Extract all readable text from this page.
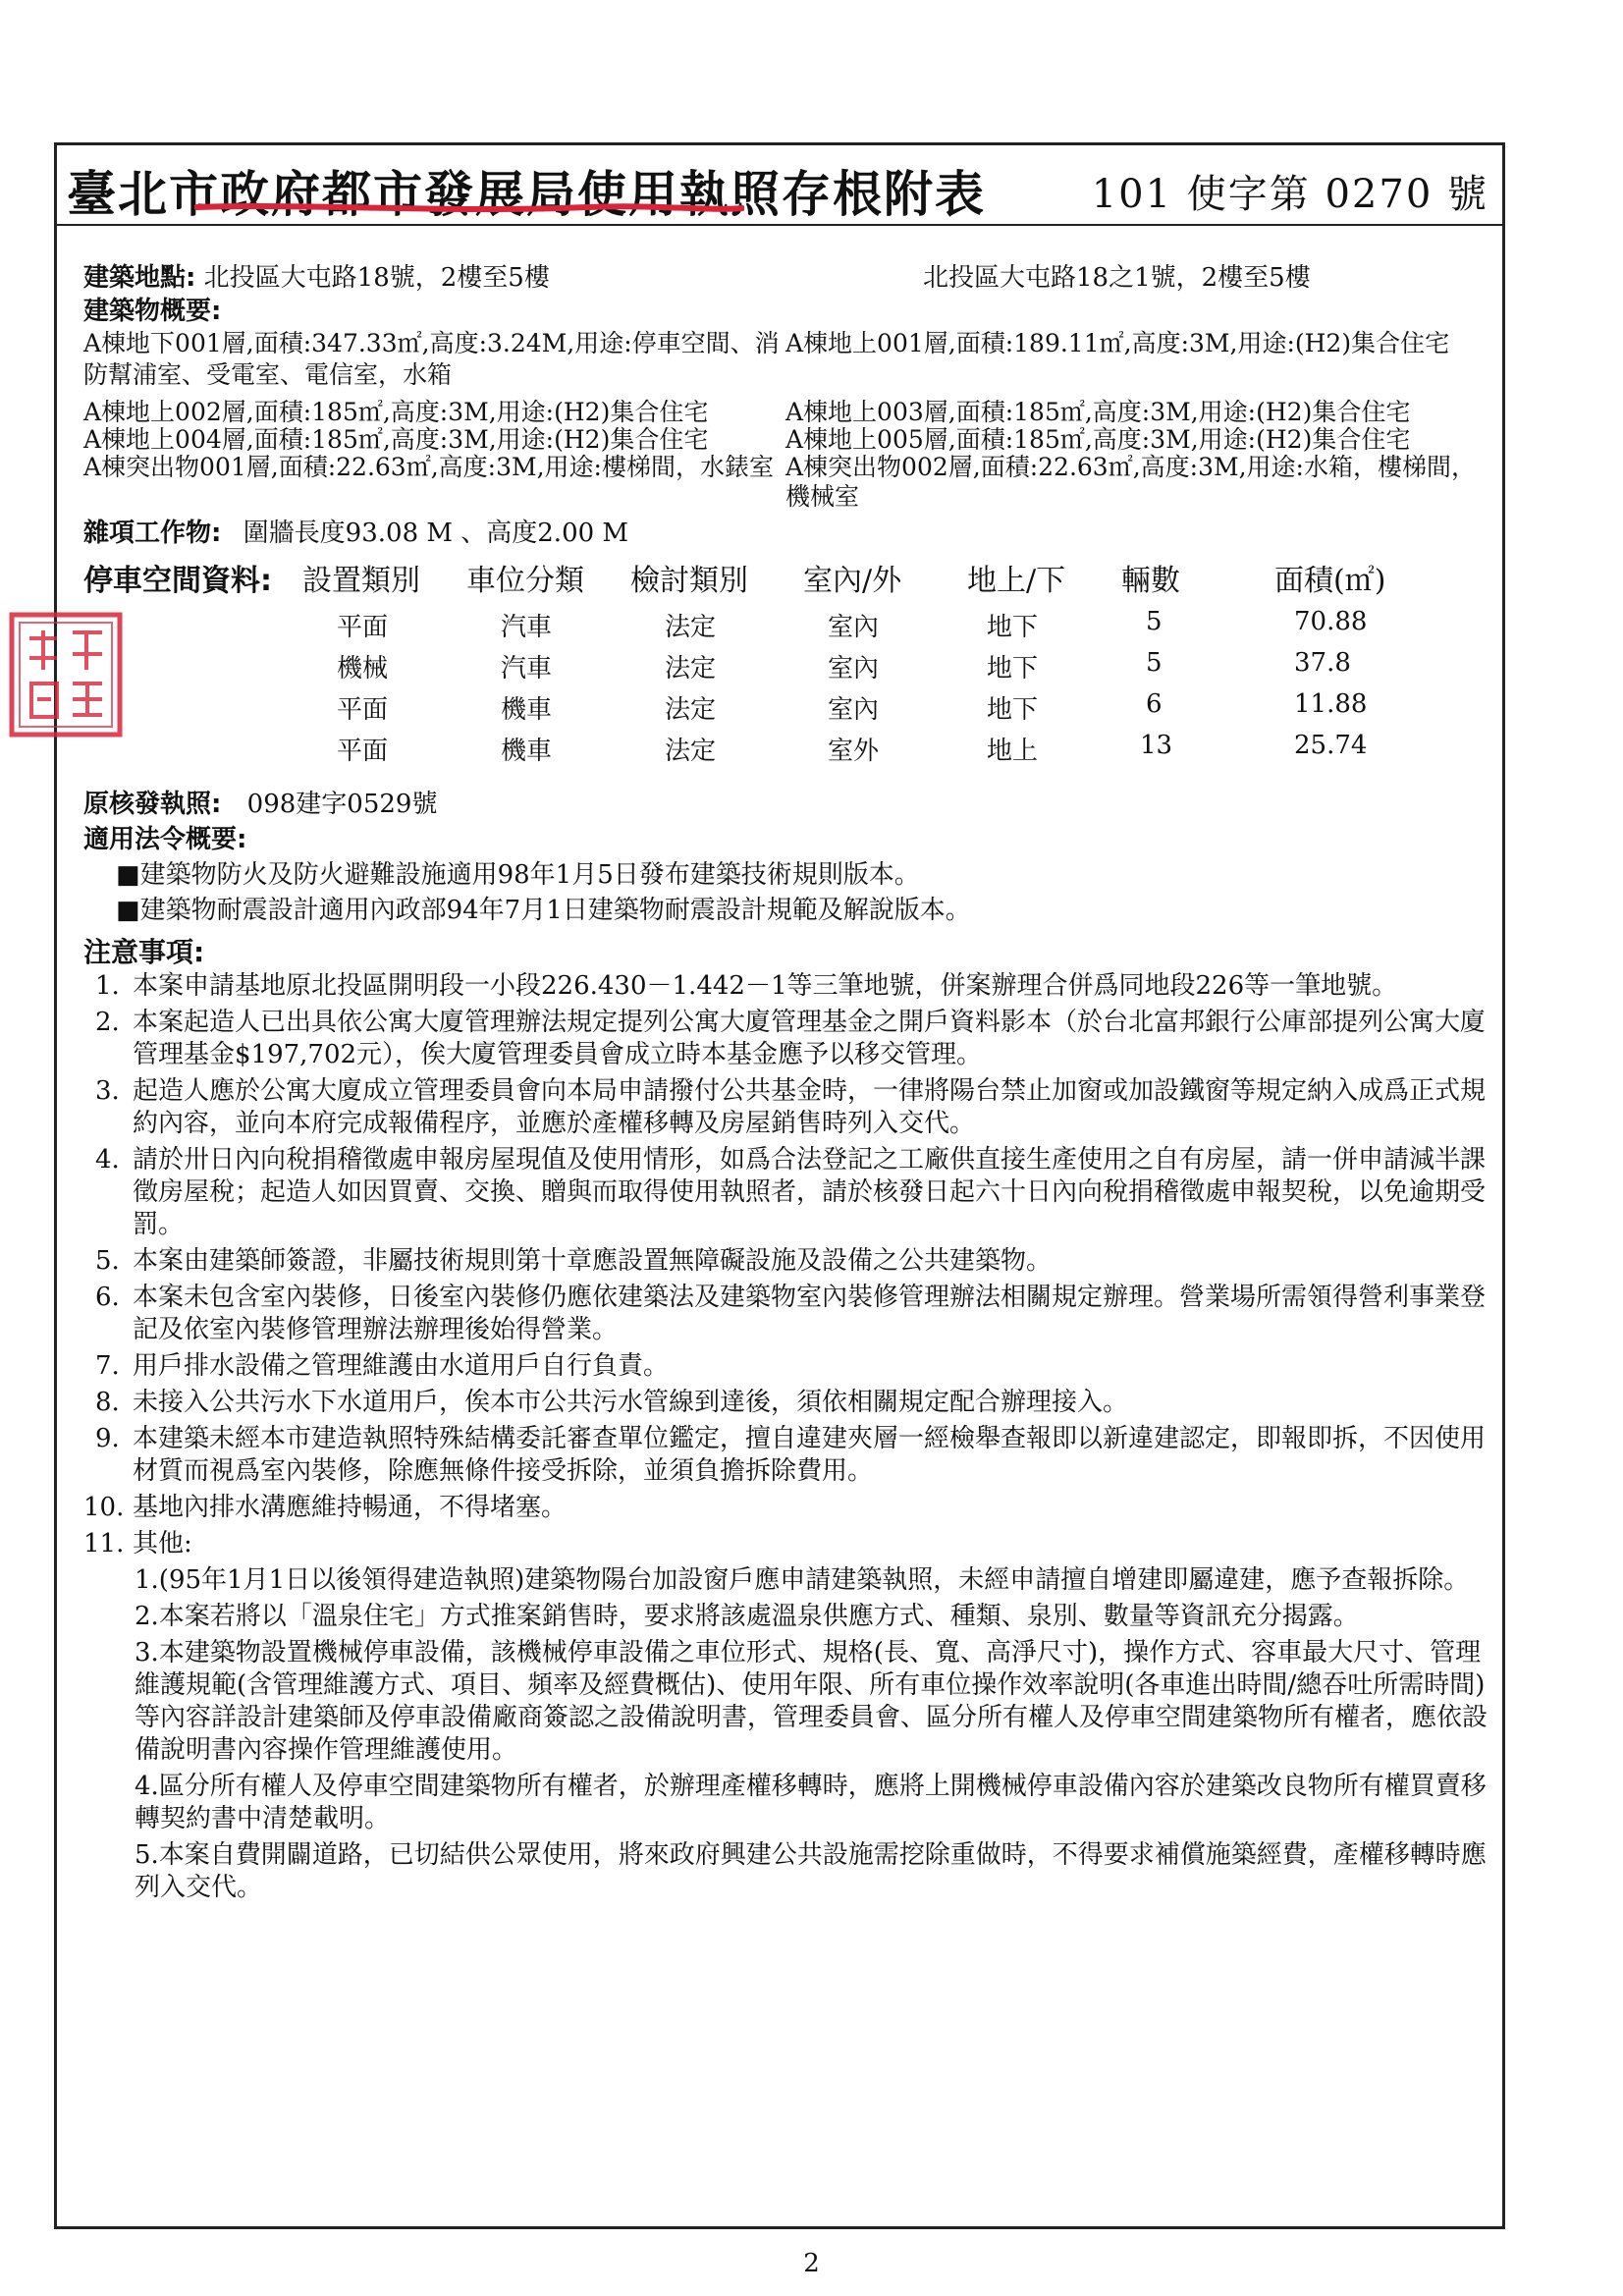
臺北市政府都市發展局使用執照存根附表	101 使字第 0270 號
建築地點: 北投區大屯路18號，2樓至5樓	北投區大屯路18之1號，2樓至5樓
建築物概要:
A棟地下001層,面積:347.33㎡,高度:3.24M,用途:停車空間、消 A棟地上001層,面積:189.11㎡,高度:3M,用途:(H2)集合住宅
防幫浦室、受電室、電信室，水箱
A棟地上002層,面積:185㎡,高度:3M,用途:(H2)集合住宅	A棟地上003層,面積:185㎡,高度:3M,用途:(H2)集合住宅
A棟地上004層,面積:185㎡,高度:3M,用途:(H2)集合住宅	A棟地上005層,面積:185㎡,高度:3M,用途:(H2)集合住宅
A棟突出物001層,面積:22.63㎡,高度:3M,用途:樓梯間，水錶室 A棟突出物002層,面積:22.63㎡,高度:3M,用途:水箱，樓梯間，
機械室
雜項工作物: 圍牆長度93.08 M 、高度2.00 M
停車空間資料: 設置類別 車位分類 檢討類別 室內/外 地上/下 輛數	面積(㎡)
平面	汽車	法定	室內	地下	5	70.88
機械	汽車	法定	室內	地下	5	37.8
平面	機車	法定	室內	地下	6	11.88
平面	機車	法定	室外	地上	13	25.74
原核發執照: 098建字0529號
適用法令概要:
■建築物防火及防火避難設施適用98年1月5日發布建築技術規則版本。
■建築物耐震設計適用內政部94年7月1日建築物耐震設計規範及解說版本。
注意事項:
1. 本案申請基地原北投區開明段一小段226.430－1.442－1等三筆地號，併案辦理合併爲同地段226等一筆地號。
2. 本案起造人已出具依公寓大廈管理辦法規定提列公寓大廈管理基金之開戶資料影本（於台北富邦銀行公庫部提列公寓大廈管理基金$197,702元），俟大廈管理委員會成立時本基金應予以移交管理。
3. 起造人應於公寓大廈成立管理委員會向本局申請撥付公共基金時，一律將陽台禁止加窗或加設鐵窗等規定納入成爲正式規約內容，並向本府完成報備程序，並應於產權移轉及房屋銷售時列入交代。
4. 請於卅日內向稅捐稽徵處申報房屋現值及使用情形，如爲合法登記之工廠供直接生產使用之自有房屋，請一併申請減半課徵房屋稅；起造人如因買賣、交換、贈與而取得使用執照者，請於核發日起六十日內向稅捐稽徵處申報契稅，以免逾期受罰。
5. 本案由建築師簽證，非屬技術規則第十章應設置無障礙設施及設備之公共建築物。
6. 本案未包含室內裝修，日後室內裝修仍應依建築法及建築物室內裝修管理辦法相關規定辦理。營業場所需領得營利事業登記及依室內裝修管理辦法辦理後始得營業。
7. 用戶排水設備之管理維護由水道用戶自行負責。
8. 未接入公共污水下水道用戶，俟本市公共污水管線到達後，須依相關規定配合辦理接入。
9. 本建築未經本市建造執照特殊結構委託審查單位鑑定，擅自違建夾層一經檢舉查報即以新違建認定，即報即拆，不因使用材質而視爲室內裝修，除應無條件接受拆除，並須負擔拆除費用。
10. 基地內排水溝應維持暢通，不得堵塞。
11. 其他:
1.(95年1月1日以後領得建造執照)建築物陽台加設窗戶應申請建築執照，未經申請擅自增建即屬違建，應予查報拆除。
2.本案若將以「溫泉住宅」方式推案銷售時，要求將該處溫泉供應方式、種類、泉別、數量等資訊充分揭露。
3.本建築物設置機械停車設備，該機械停車設備之車位形式、規格(長、寬、高淨尺寸)，操作方式、容車最大尺寸、管理維護規範(含管理維護方式、項目、頻率及經費概估)、使用年限、所有車位操作效率說明(各車進出時間/總吞吐所需時間)等內容詳設計建築師及停車設備廠商簽認之設備說明書，管理委員會、區分所有權人及停車空間建築物所有權者，應依設備說明書內容操作管理維護使用。
4.區分所有權人及停車空間建築物所有權者，於辦理產權移轉時，應將上開機械停車設備內容於建築改良物所有權買賣移轉契約書中清楚載明。
5.本案自費開闢道路，已切結供公眾使用，將來政府興建公共設施需挖除重做時，不得要求補償施築經費，產權移轉時應列入交代。
2
